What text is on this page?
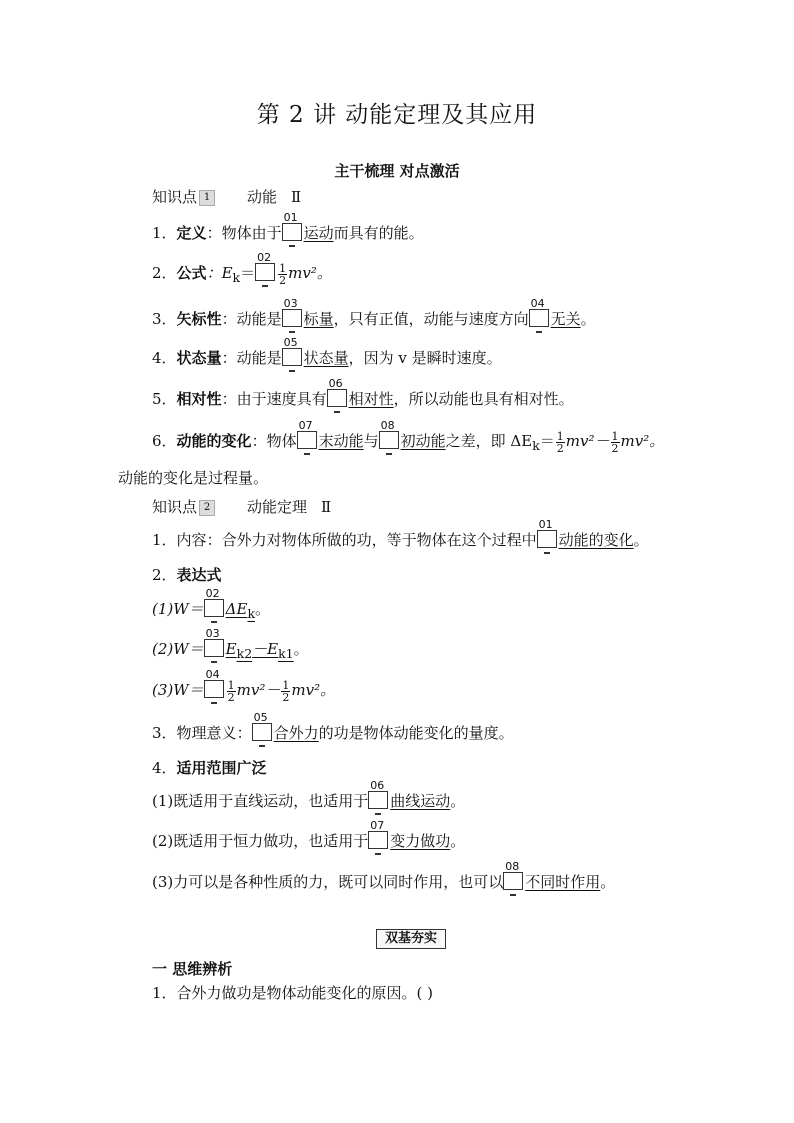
第 2 讲 动能定理及其应用
主干梳理 对点激活
知识点 1 动能 Ⅱ
1．定义：物体由于
01
运动而具有的能。
2．公式：$E_k=$
02
$\frac{1}{2} mv^2$。
3．矢标性：动能是
03
标量，只有正值，动能与速度方向
04
无关。
4．状态量：动能是
05
状态量，因为 v 是瞬时速度。
5．相对性：由于速度具有
06
相对性，所以动能也具有相对性。
6．动能的变化：物体
07
末动能与
08
初动能之差，即 $\Delta E_k= \frac{1}{2} mv^2- \frac{1}{2} mv^2$。
动能的变化是过程量。
知识点 2 动能定理 Ⅱ
1．内容：合外力对物体所做的功，等于物体在这个过程中
01
动能的变化。
2．表达式
(1)W＝
02
$\Delta E_k$。
(2)W＝
03
$E_{k2}-E_{k1}$。
(3)W＝
04
$\frac{1}{2} mv^2- \frac{1}{2} mv^2$。
3．物理意义：
05
合外力的功是物体动能变化的量度。
4．适用范围广泛
(1)既适用于直线运动，也适用于
06
曲线运动。
(2)既适用于恒力做功，也适用于
07
变力做功。
(3)力可以是各种性质的力，既可以同时作用，也可以
08
不同时作用。
双基夯实
一 思维辨析
1．合外力做功是物体动能变化的原因。( )
